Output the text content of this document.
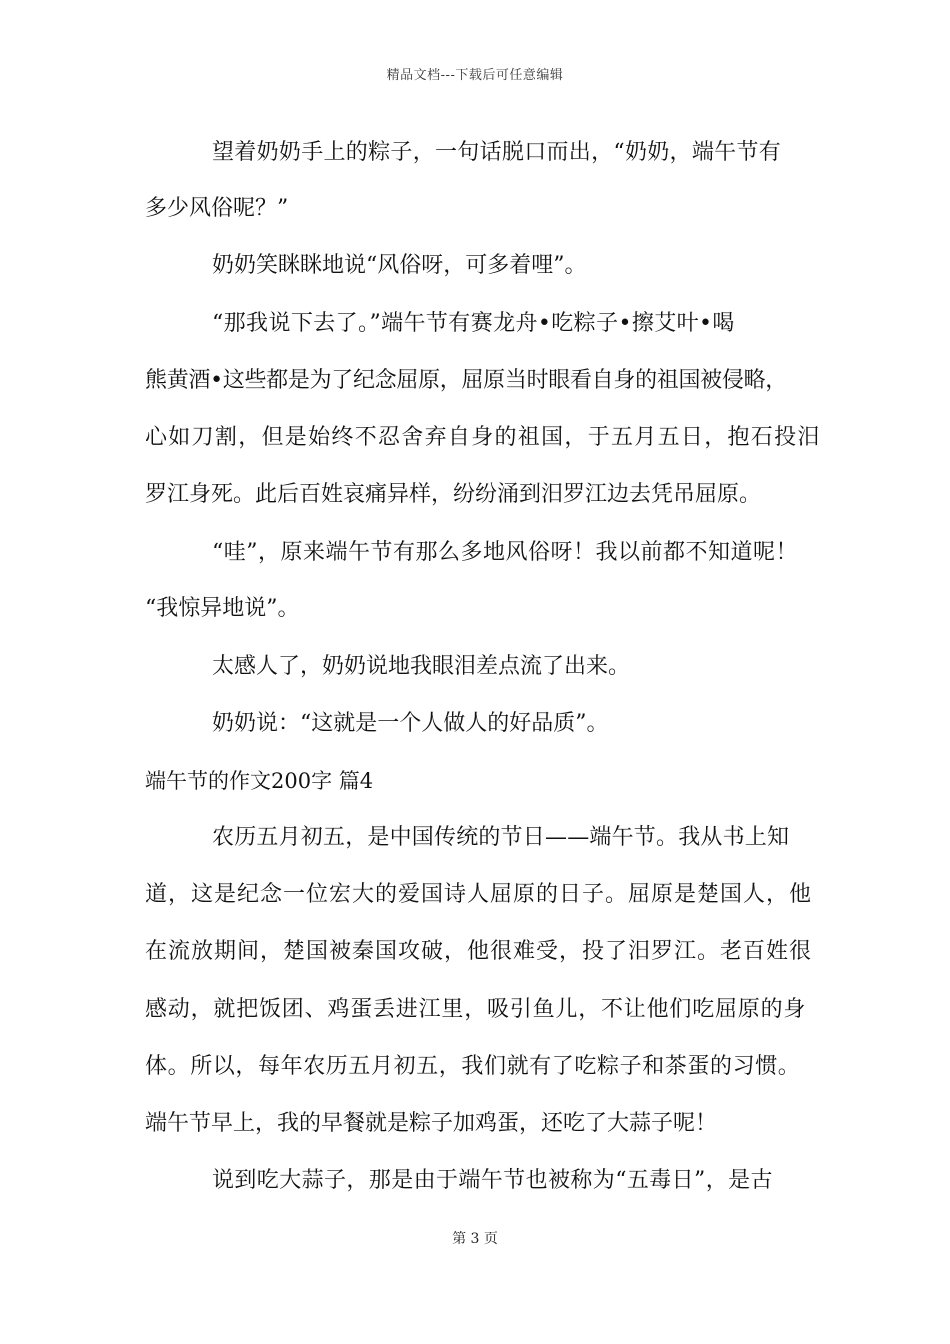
精品文档---下载后可任意编辑
望着奶奶手上的粽子，一句话脱口而出，“奶奶，端午节有
多少风俗呢？”
奶奶笑眯眯地说“风俗呀，可多着哩”。
“那我说下去了。”端午节有赛龙舟•吃粽子•擦艾叶•喝
熊黄酒•这些都是为了纪念屈原，屈原当时眼看自身的祖国被侵略，
心如刀割，但是始终不忍舍弃自身的祖国，于五月五日，抱石投汨
罗江身死。此后百姓哀痛异样，纷纷涌到汨罗江边去凭吊屈原。
“哇”，原来端午节有那么多地风俗呀！我以前都不知道呢！
“我惊异地说”。
太感人了，奶奶说地我眼泪差点流了出来。
奶奶说：“这就是一个人做人的好品质”。
端午节的作文200字 篇4
农历五月初五，是中国传统的节日——端午节。我从书上知
道，这是纪念一位宏大的爱国诗人屈原的日子。屈原是楚国人，他
在流放期间，楚国被秦国攻破，他很难受，投了汨罗江。老百姓很
感动，就把饭团、鸡蛋丢进江里，吸引鱼儿，不让他们吃屈原的身
体。所以，每年农历五月初五，我们就有了吃粽子和茶蛋的习惯。
端午节早上，我的早餐就是粽子加鸡蛋，还吃了大蒜子呢！
说到吃大蒜子，那是由于端午节也被称为“五毒日”，是古
第 3 页
